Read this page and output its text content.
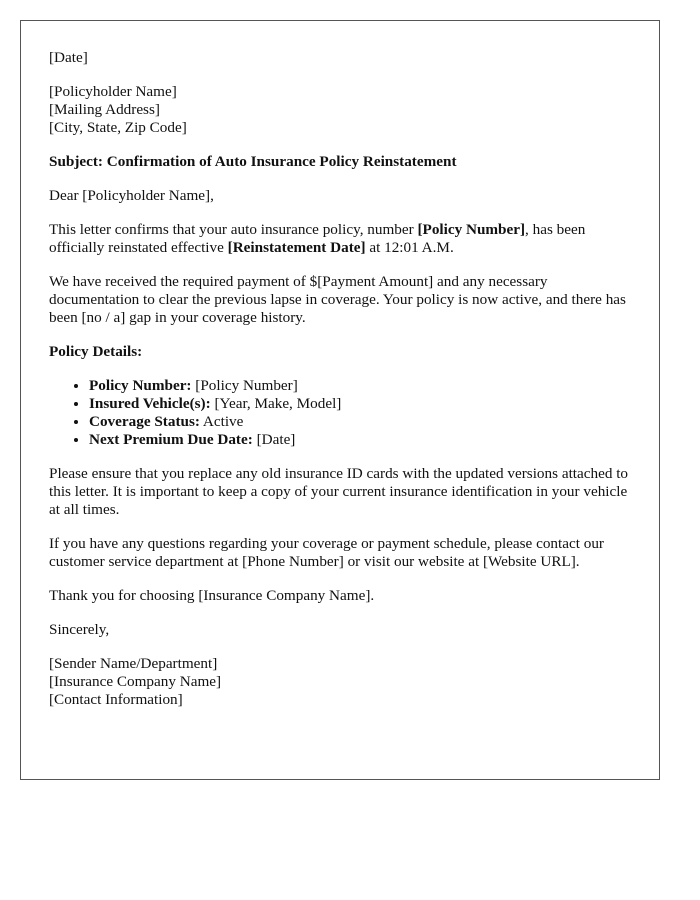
[Date]
[Policyholder Name]
[Mailing Address]
[City, State, Zip Code]
Subject: Confirmation of Auto Insurance Policy Reinstatement
Dear [Policyholder Name],
This letter confirms that your auto insurance policy, number [Policy Number], has been officially reinstated effective [Reinstatement Date] at 12:01 A.M.
We have received the required payment of $[Payment Amount] and any necessary documentation to clear the previous lapse in coverage. Your policy is now active, and there has been [no / a] gap in your coverage history.
Policy Details:
• Policy Number: [Policy Number]
• Insured Vehicle(s): [Year, Make, Model]
• Coverage Status: Active
• Next Premium Due Date: [Date]
Please ensure that you replace any old insurance ID cards with the updated versions attached to this letter. It is important to keep a copy of your current insurance identification in your vehicle at all times.
If you have any questions regarding your coverage or payment schedule, please contact our customer service department at [Phone Number] or visit our website at [Website URL].
Thank you for choosing [Insurance Company Name].
Sincerely,
[Sender Name/Department]
[Insurance Company Name]
[Contact Information]
